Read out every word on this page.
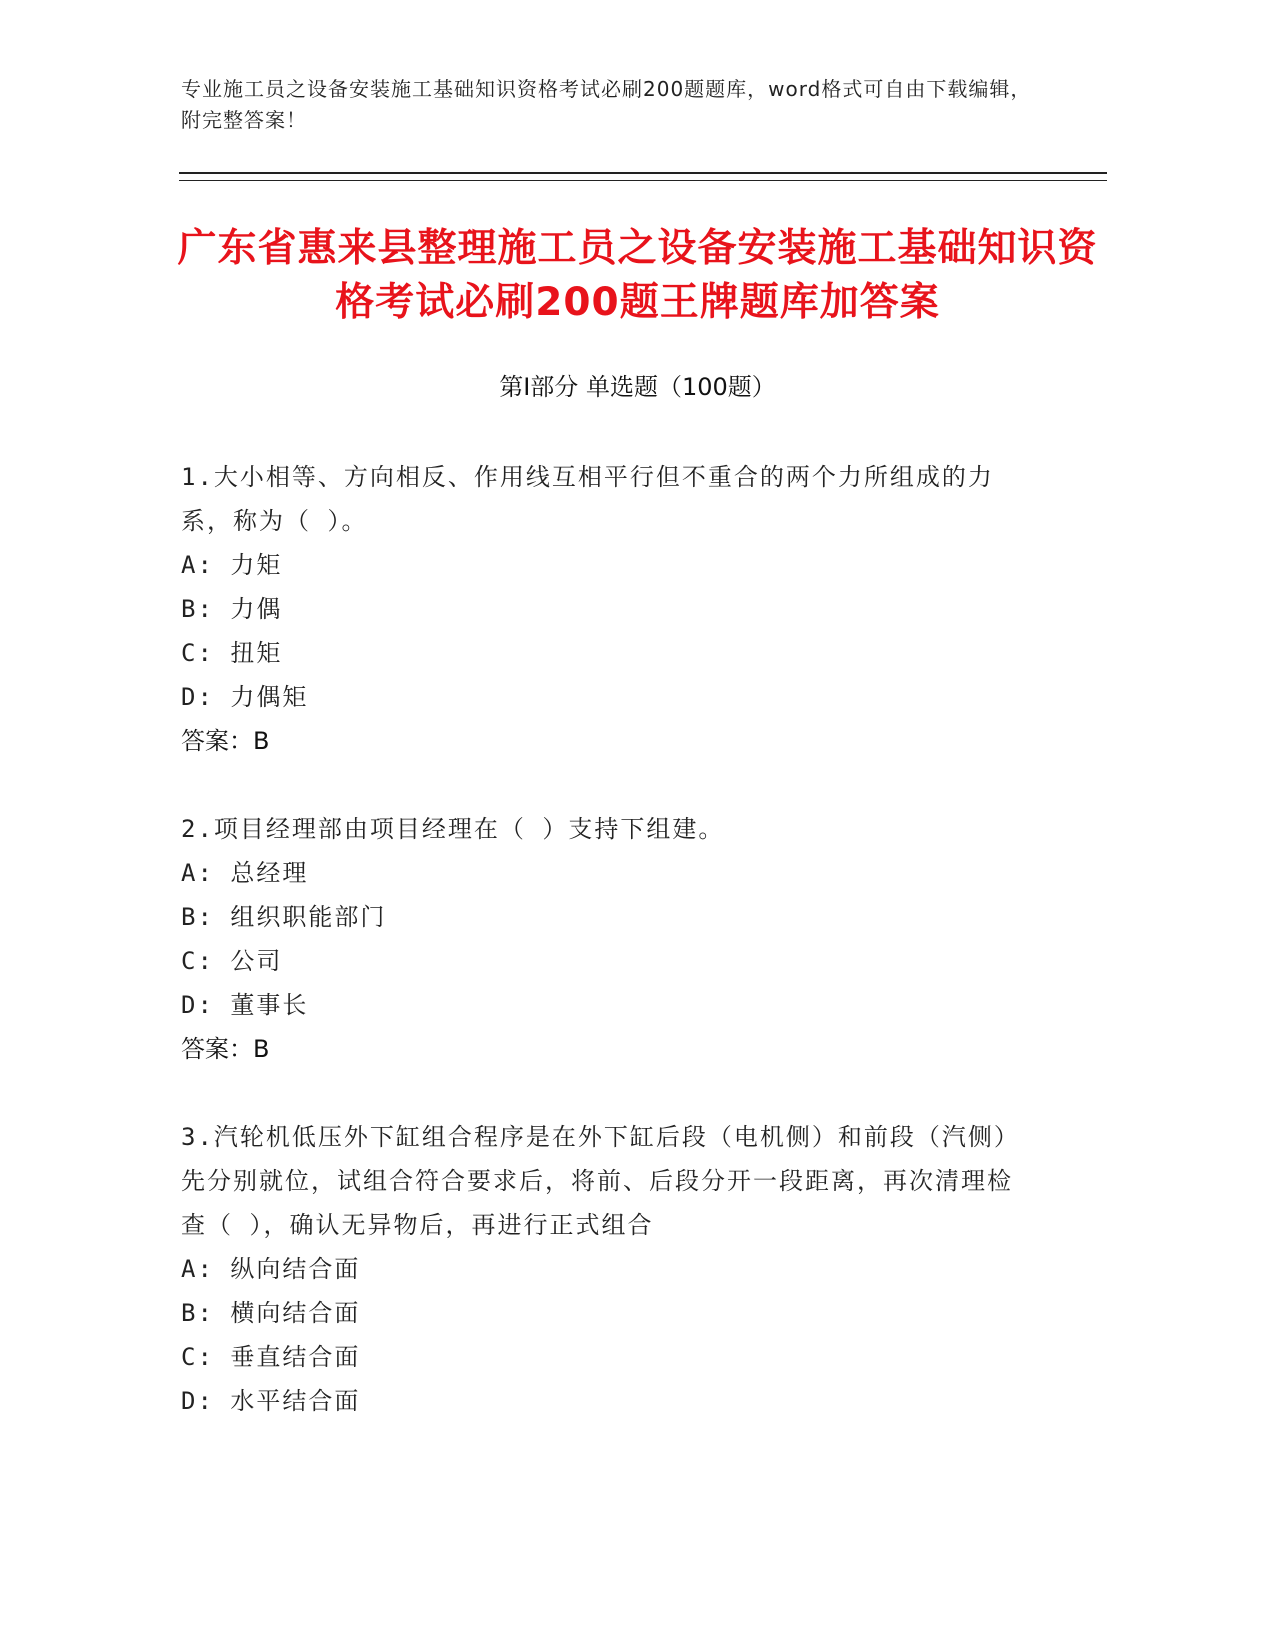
专业施工员之设备安装施工基础知识资格考试必刷200题题库，word格式可自由下载编辑，附完整答案！
广东省惠来县整理施工员之设备安装施工基础知识资格考试必刷200题王牌题库加答案
第Ⅰ部分 单选题（100题）
1.大小相等、方向相反、作用线互相平行但不重合的两个力所组成的力系，称为（ ）。
A: 力矩
B: 力偶
C: 扭矩
D: 力偶矩
答案：B
2.项目经理部由项目经理在（ ）支持下组建。
A: 总经理
B: 组织职能部门
C: 公司
D: 董事长
答案：B
3.汽轮机低压外下缸组合程序是在外下缸后段（电机侧）和前段（汽侧）先分别就位，试组合符合要求后，将前、后段分开一段距离，再次清理检查（ ），确认无异物后，再进行正式组合
A: 纵向结合面
B: 横向结合面
C: 垂直结合面
D: 水平结合面
